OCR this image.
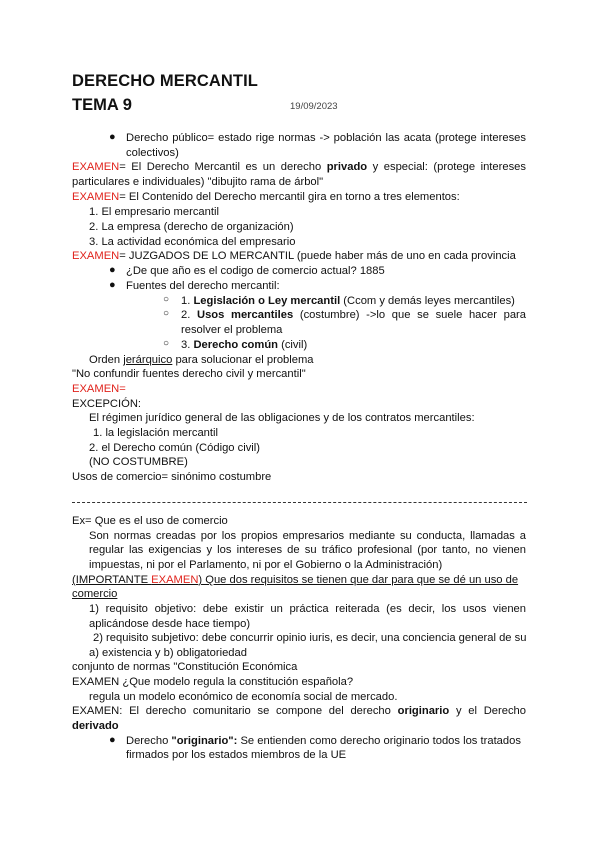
DERECHO MERCANTIL
TEMA 9	19/09/2023
● Derecho público= estado rige normas -> población las acata (protege intereses
colectivos)
EXAMEN= El Derecho Mercantil es un derecho privado y especial: (protege intereses
particulares e individuales) "dibujito rama de árbol"
EXAMEN= El Contenido del Derecho mercantil gira en torno a tres elementos:
1. El empresario mercantil
2. La empresa (derecho de organización)
3. La actividad económica del empresario
EXAMEN= JUZGADOS DE LO MERCANTIL (puede haber más de uno en cada provincia
● ¿De que año es el codigo de comercio actual? 1885
● Fuentes del derecho mercantil:
○ 1. Legislación o Ley mercantil (Ccom y demás leyes mercantiles)
○ 2. Usos mercantiles (costumbre) ->lo que se suele hacer para
resolver el problema
○ 3. Derecho común (civil)
Orden jerárquico para solucionar el problema
"No confundir fuentes derecho civil y mercantil"
EXAMEN=
EXCEPCIÓN:
El régimen jurídico general de las obligaciones y de los contratos mercantiles:
1. la legislación mercantil
2. el Derecho común (Código civil)
(NO COSTUMBRE)
Usos de comercio= sinónimo costumbre
Ex= Que es el uso de comercio
Son normas creadas por los propios empresarios mediante su conducta, llamadas a
regular las exigencias y los intereses de su tráfico profesional (por tanto, no vienen
impuestas, ni por el Parlamento, ni por el Gobierno o la Administración)
(IMPORTANTE EXAMEN) Que dos requisitos se tienen que dar para que se dé un uso de
comercio
1) requisito objetivo: debe existir un práctica reiterada (es decir, los usos vienen
aplicándose desde hace tiempo)
2) requisito subjetivo: debe concurrir opinio iuris, es decir, una conciencia general de su
a) existencia y b) obligatoriedad
conjunto de normas "Constitución Económica
EXAMEN ¿Que modelo regula la constitución española?
regula un modelo económico de economía social de mercado.
EXAMEN: El derecho comunitario se compone del derecho originario y el Derecho
derivado
● Derecho "originario": Se entienden como derecho originario todos los tratados
firmados por los estados miembros de la UE
